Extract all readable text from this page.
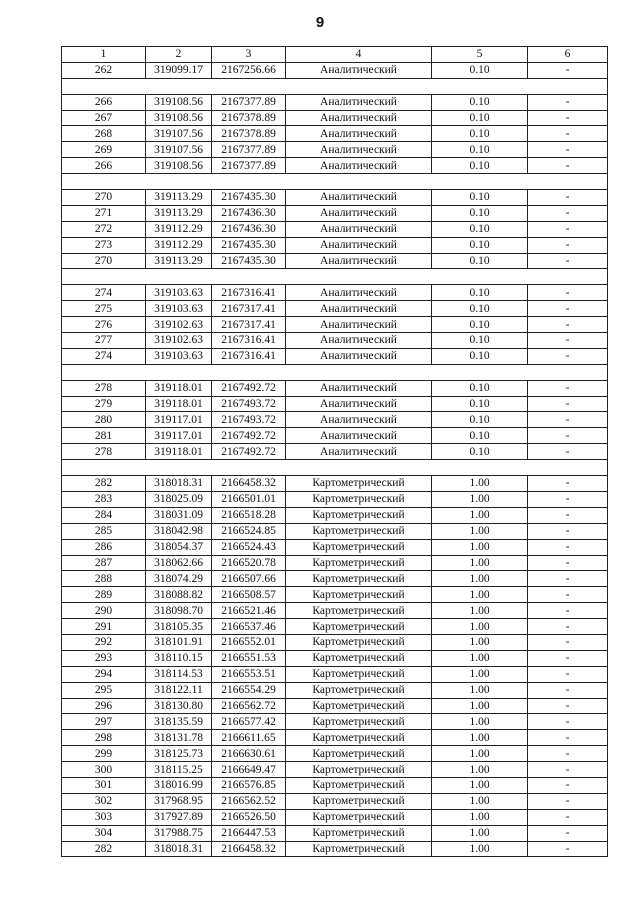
9
1	2	3	4	5	6
262	319099.17	2167256.66	Аналитический	0.10	-

266	319108.56	2167377.89	Аналитический	0.10	-
267	319108.56	2167378.89	Аналитический	0.10	-
268	319107.56	2167378.89	Аналитический	0.10	-
269	319107.56	2167377.89	Аналитический	0.10	-
266	319108.56	2167377.89	Аналитический	0.10	-

270	319113.29	2167435.30	Аналитический	0.10	-
271	319113.29	2167436.30	Аналитический	0.10	-
272	319112.29	2167436.30	Аналитический	0.10	-
273	319112.29	2167435.30	Аналитический	0.10	-
270	319113.29	2167435.30	Аналитический	0.10	-

274	319103.63	2167316.41	Аналитический	0.10	-
275	319103.63	2167317.41	Аналитический	0.10	-
276	319102.63	2167317.41	Аналитический	0.10	-
277	319102.63	2167316.41	Аналитический	0.10	-
274	319103.63	2167316.41	Аналитический	0.10	-

278	319118.01	2167492.72	Аналитический	0.10	-
279	319118.01	2167493.72	Аналитический	0.10	-
280	319117.01	2167493.72	Аналитический	0.10	-
281	319117.01	2167492.72	Аналитический	0.10	-
278	319118.01	2167492.72	Аналитический	0.10	-

282	318018.31	2166458.32	Картометрический	1.00	-
283	318025.09	2166501.01	Картометрический	1.00	-
284	318031.09	2166518.28	Картометрический	1.00	-
285	318042.98	2166524.85	Картометрический	1.00	-
286	318054.37	2166524.43	Картометрический	1.00	-
287	318062.66	2166520.78	Картометрический	1.00	-
288	318074.29	2166507.66	Картометрический	1.00	-
289	318088.82	2166508.57	Картометрический	1.00	-
290	318098.70	2166521.46	Картометрический	1.00	-
291	318105.35	2166537.46	Картометрический	1.00	-
292	318101.91	2166552.01	Картометрический	1.00	-
293	318110.15	2166551.53	Картометрический	1.00	-
294	318114.53	2166553.51	Картометрический	1.00	-
295	318122.11	2166554.29	Картометрический	1.00	-
296	318130.80	2166562.72	Картометрический	1.00	-
297	318135.59	2166577.42	Картометрический	1.00	-
298	318131.78	2166611.65	Картометрический	1.00	-
299	318125.73	2166630.61	Картометрический	1.00	-
300	318115.25	2166649.47	Картометрический	1.00	-
301	318016.99	2166576.85	Картометрический	1.00	-
302	317968.95	2166562.52	Картометрический	1.00	-
303	317927.89	2166526.50	Картометрический	1.00	-
304	317988.75	2166447.53	Картометрический	1.00	-
282	318018.31	2166458.32	Картометрический	1.00	-
